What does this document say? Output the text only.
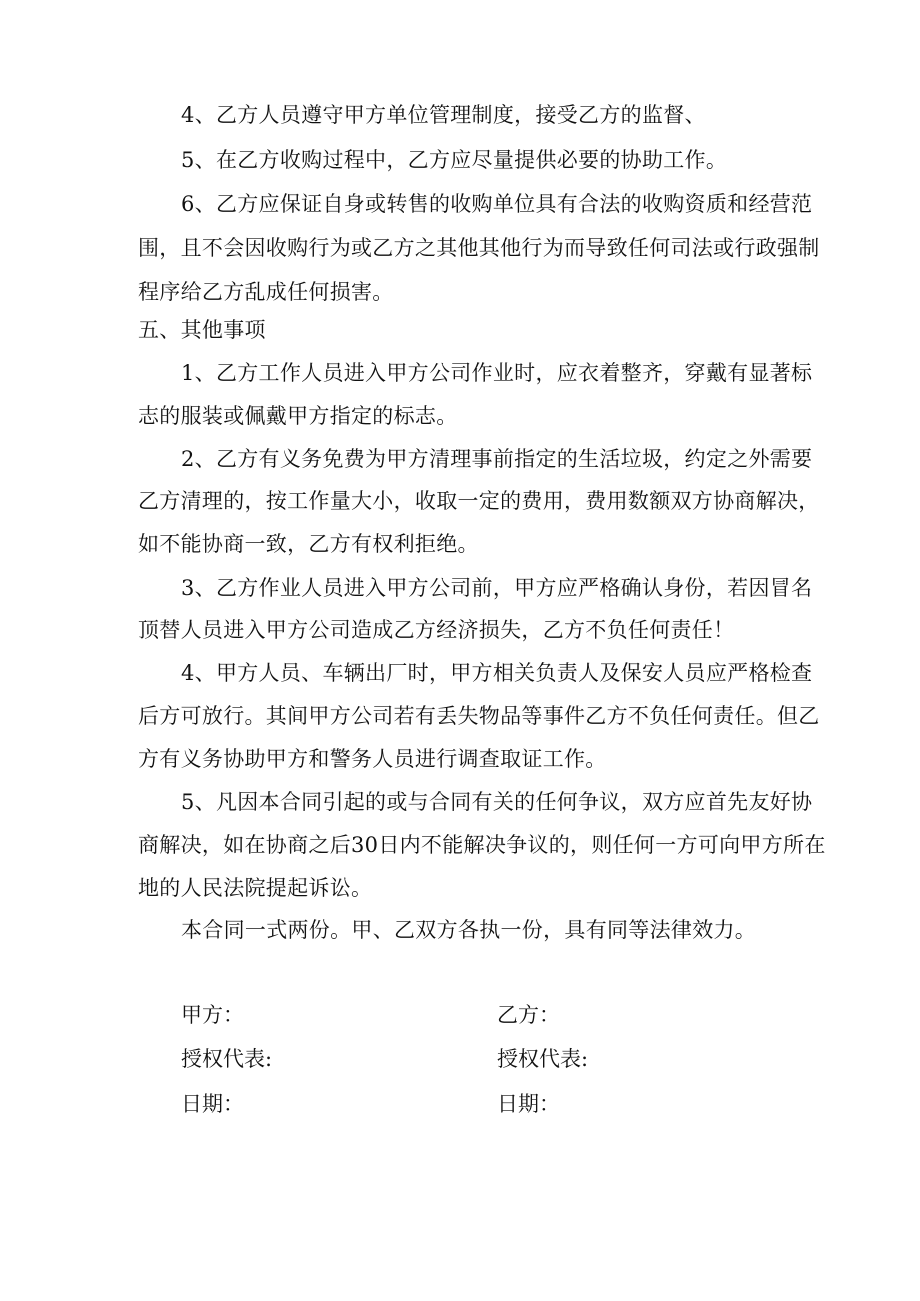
4、乙方人员遵守甲方单位管理制度，接受乙方的监督、
5、在乙方收购过程中，乙方应尽量提供必要的协助工作。
6、乙方应保证自身或转售的收购单位具有合法的收购资质和经营范
围，且不会因收购行为或乙方之其他其他行为而导致任何司法或行政强制
程序给乙方乱成任何损害。
五、其他事项
1、乙方工作人员进入甲方公司作业时，应衣着整齐，穿戴有显著标
志的服装或佩戴甲方指定的标志。
2、乙方有义务免费为甲方清理事前指定的生活垃圾，约定之外需要
乙方清理的，按工作量大小，收取一定的费用，费用数额双方协商解决，
如不能协商一致，乙方有权利拒绝。
3、乙方作业人员进入甲方公司前，甲方应严格确认身份，若因冒名
顶替人员进入甲方公司造成乙方经济损失，乙方不负任何责任！
4、甲方人员、车辆出厂时，甲方相关负责人及保安人员应严格检查
后方可放行。其间甲方公司若有丢失物品等事件乙方不负任何责任。但乙
方有义务协助甲方和警务人员进行调查取证工作。
5、凡因本合同引起的或与合同有关的任何争议，双方应首先友好协
商解决，如在协商之后30日内不能解决争议的，则任何一方可向甲方所在
地的人民法院提起诉讼。
本合同一式两份。甲、乙双方各执一份，具有同等法律效力。
甲方：	乙方：
授权代表:	授权代表:
日期：	日期：
